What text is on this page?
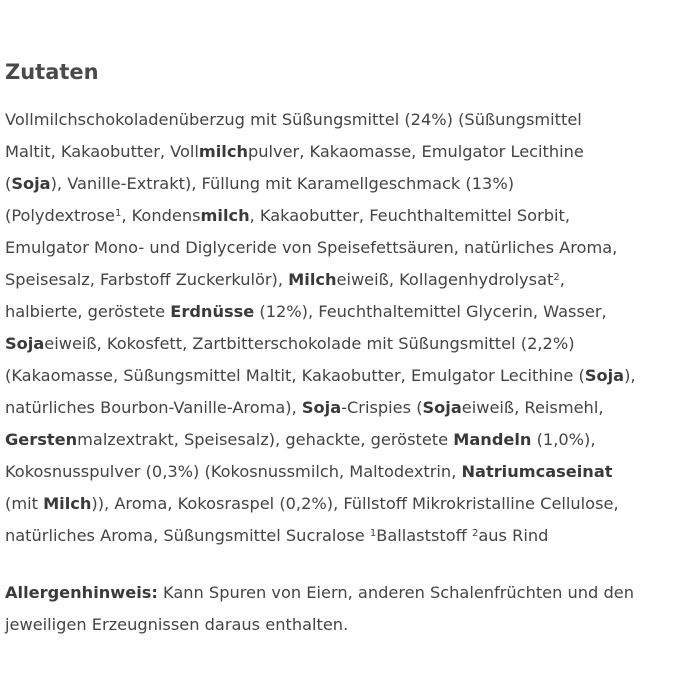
Zutaten
Vollmilchschokoladenüberzug mit Süßungsmittel (24%) (Süßungsmittel
Maltit, Kakaobutter, Vollmilchpulver, Kakaomasse, Emulgator Lecithine
(Soja), Vanille-Extrakt), Füllung mit Karamellgeschmack (13%)
(Polydextrose$^1$, Kondensmilch, Kakaobutter, Feuchthaltemittel Sorbit,
Emulgator Mono- und Diglyceride von Speisefettsäuren, natürliches Aroma,
Speisesalz, Farbstoff Zuckerkulör), Milcheiweiß, Kollagenhydrolysat$^2$,
halbierte, geröstete Erdnüsse (12%), Feuchthaltemittel Glycerin, Wasser,
Sojaeiweiß, Kokosfett, Zartbitterschokolade mit Süßungsmittel (2,2%)
(Kakaomasse, Süßungsmittel Maltit, Kakaobutter, Emulgator Lecithine (Soja),
natürliches Bourbon-Vanille-Aroma), Soja-Crispies (Sojaeiweiß, Reismehl,
Gerstenmalzextrakt, Speisesalz), gehackte, geröstete Mandeln (1,0%),
Kokosnusspulver (0,3%) (Kokosnussmilch, Maltodextrin, Natriumcaseinat
(mit Milch)), Aroma, Kokosraspel (0,2%), Füllstoff Mikrokristalline Cellulose,
natürliches Aroma, Süßungsmittel Sucralose $^1$Ballaststoff $^2$aus Rind
Allergenhinweis: Kann Spuren von Eiern, anderen Schalenfrüchten und den
jeweiligen Erzeugnissen daraus enthalten.
